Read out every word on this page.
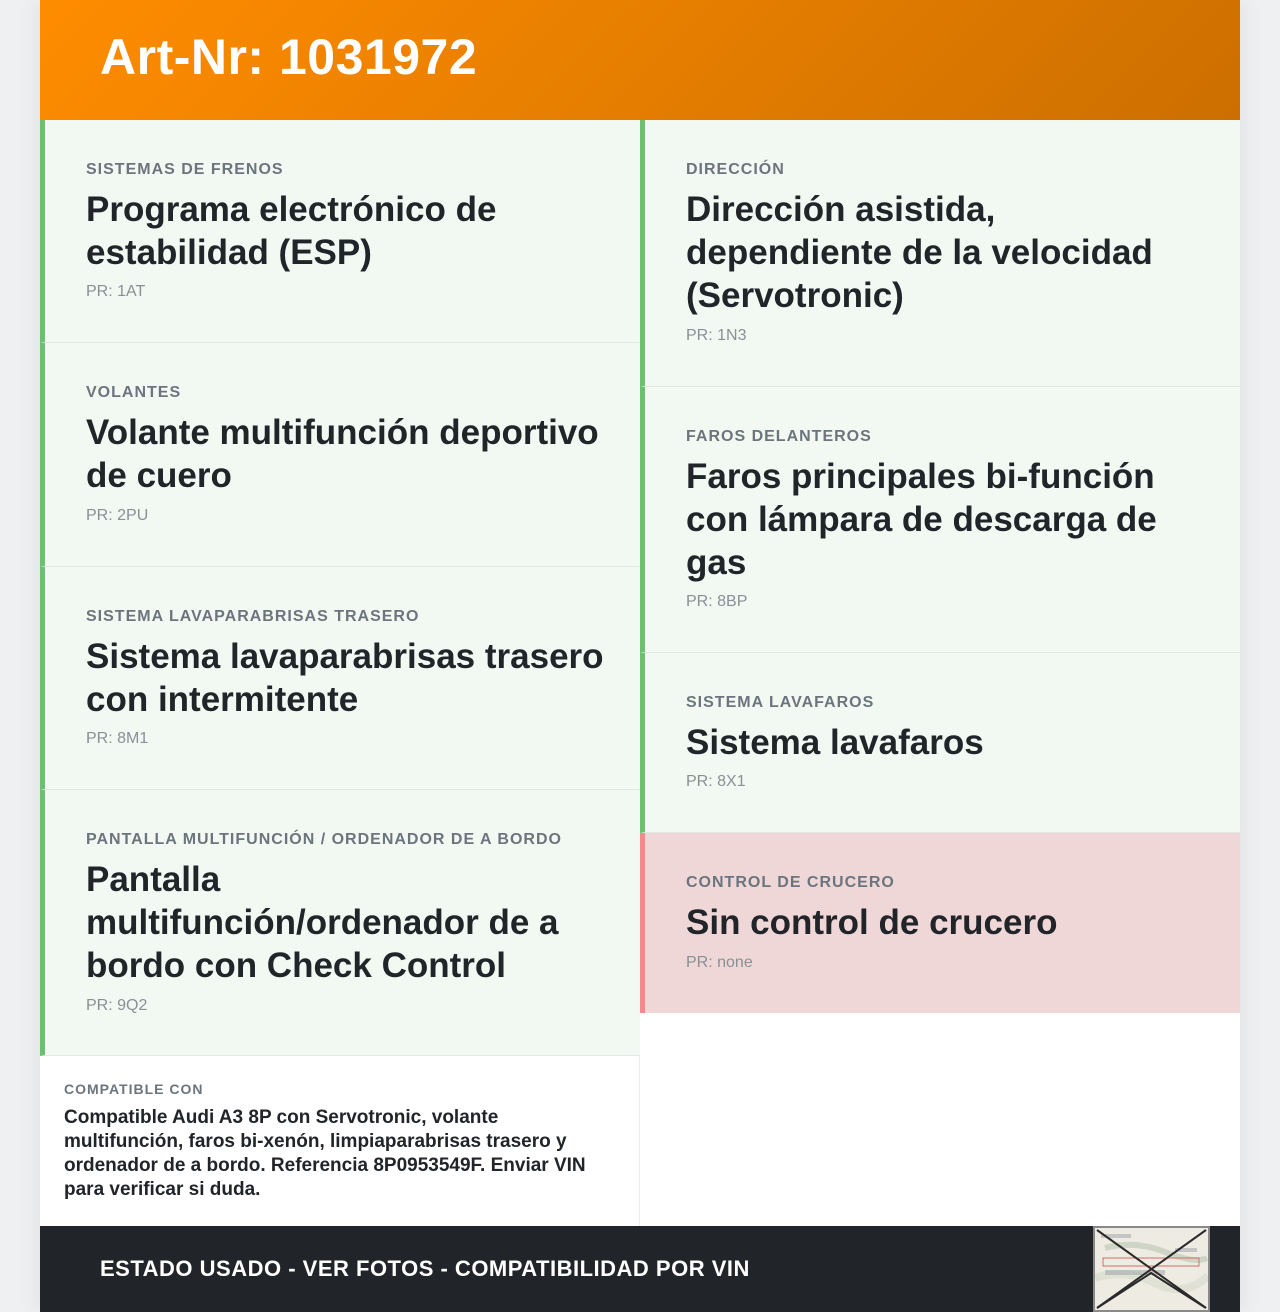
Art-Nr: 1031972
SISTEMAS DE FRENOS
Programa electrónico de estabilidad (ESP)
PR: 1AT
VOLANTES
Volante multifunción deportivo de cuero
PR: 2PU
SISTEMA LAVAPARABRISAS TRASERO
Sistema lavaparabrisas trasero con intermitente
PR: 8M1
PANTALLA MULTIFUNCIÓN / ORDENADOR DE A BORDO
Pantalla multifunción/ordenador de a bordo con Check Control
PR: 9Q2
DIRECCIÓN
Dirección asistida, dependiente de la velocidad (Servotronic)
PR: 1N3
FAROS DELANTEROS
Faros principales bi-función con lámpara de descarga de gas
PR: 8BP
SISTEMA LAVAFAROS
Sistema lavafaros
PR: 8X1
CONTROL DE CRUCERO
Sin control de crucero
PR: none
COMPATIBLE CON
Compatible Audi A3 8P con Servotronic, volante multifunción, faros bi-xenón, limpiaparabrisas trasero y ordenador de a bordo. Referencia 8P0953549F. Enviar VIN para verificar si duda.
ESTADO USADO - VER FOTOS - COMPATIBILIDAD POR VIN
